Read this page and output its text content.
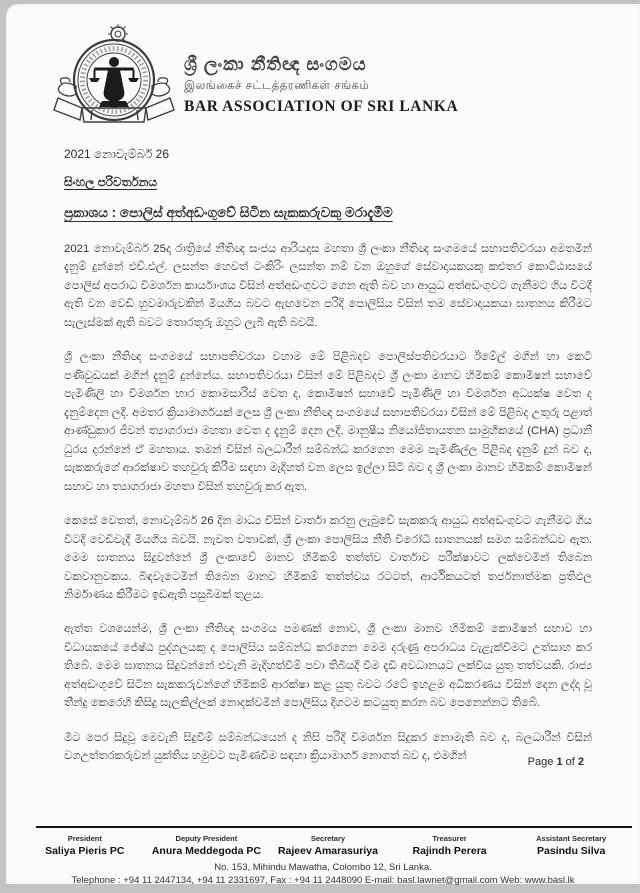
ශ්‍රී ලංකා නීතිඥ සංගමය
இலங்கைச் சட்டத்தரணிகள் சங்கம்
BAR ASSOCIATION OF SRI LANKA
2021 නොවැම්බර් 26
සිංහල පරිවර්තනය
ප්‍රකාශය : පොලිස් අත්අඩංගුවේ සිටින සැකකරුවකු මරාදැමීම

2021 නොවැම්බර් 25දා රාත්‍රියේ නීතිඥ සංජය ආරියදාස මහතා ශ්‍රී ලංකා නීතිඥ සංගමයේ සභාපතිවරයා අමතමින් දැනුම් දුන්නේ එච්.එල්. ලසන්ත හෙවත් ටංකිරිං ලසන්ත නම් වන ඔහුගේ සේවාදායකයකු කළුතර කොට්ඨාසයේ පොලිස් අපරාධ විමර්ශන කාර්යාංශය විසින් අත්අඩංගුවට ගෙන ඇති බව හා ආයුධ අත්අඩංගුවට ගැනීමට ගිය විටදී ඇති වන වෙඩි හුවමාරුවකින් මියගිය බවට ඇඟවෙන පරිදි පොලිසිය විසින් තම සේවාදායකයා ඝාතනය කිරීමට සැලැස්මක් ඇති බවට තොරතුරු ඔහුට ලැබී ඇති බවයි.

ශ්‍රී ලංකා නීතිඥ සංගමයේ සභාපතිවරයා වහාම මේ පිළිබදව පොලිස්පතිවරයාට ඊමේල් මගින් හා කෙටි පණිවුඩයක් මගින් දැනුම් දුන්නේය. සභාපතිවරයා විසින් මේ පිළිබදව ශ්‍රී ලංකා මානව හිමිකම් කොමිෂන් සභාවේ පැමිණිලි හා විමර්ශන භාර කොමසාරිස් වෙත ද, කොමිෂන් සභාවේ පැමිණිලි හා විමර්ශන අධ්‍යක්ෂ වෙත ද දැනුම්දෙන ලදී. අමතර ක්‍රියාමාර්ගයක් ලෙස ශ්‍රී ලංකා නීතිඥ සංගමයේ සභාපතිවරයා විසින් මේ පිළිබද උතුරු පළාත් ආණ්ඩුකාර ජීවන් ත්‍යාගරාජා මහතා වෙත ද දැනුම් දෙන ලදී. මානුෂීය නියෝජිතායතන සාමුහිකයේ (CHA) ප්‍රධානී ධුරය දරන්නේ ඒ මහතාය. තමන් විසින් බලධාරීන් සම්බන්ධ කරගෙන මෙම පැමිණිල්ල පිළිබද දැනුම් දුන් බව ද, සැකකරුගේ ආරක්ෂාව තහවුරු කිරීම සඳහා මැදිහත් වන ලෙස ඉල්ලා සිටි බව ද ශ්‍රී ලංකා මානව හිමිකම් කොමිෂන් සභාව හා ත්‍යාගරාජා මහතා විසින් තහවුරු කර ඇත.

කෙසේ වෙතත්, නොවැම්බර් 26 දින මාධ්‍ය විසින් වාර්තා කරනු ලැබුවේ සැකකරු ආයුධ අත්අඩංගුවට ගැනීමට ගිය විටදී වෙඩිවැදී මියගිය බවයි. නැවත වතාවක්, ශ්‍රී ලංකා පොලිසිය නීති විරෝධී ඝාතනයක් සමග සම්බන්ධව ඇත. මෙම ඝාතනය සිදුවන්නේ ශ්‍රී ලංකාවේ මානව හිමිකම් තත්ත්ව වාර්තාව පරීක්ෂාවට ලක්වෙමින් තිබෙන වකවානුවකය. බිඳවැටෙමින් තිබෙන මානව හිමිකම් තත්ත්වය රටටත්, ආර්ථිකයටත් තර්ජනාත්මක ප්‍රතිඵල නිර්මාණය කිරීමට ඉඩඇති පසුබිමක් තුළය.

ඇත්ත වශයෙන්ම, ශ්‍රී ලංකා නීතිඥ සංගමය පමණක් නොව, ශ්‍රී ලංකා මානව හිමිකම් කොමිෂන් සභාව හා විධායකයේ ජේෂ්ඨ පුද්ගලයකු ද පොලිසිය සම්බන්ධ කරගෙන මෙම දරුණු අපරාධය වැළැක්වීමට උත්සාහ කර තිබේ. මෙම ඝාතනය සිදුවන්නේ එවැනි මැදිහත්වීම් පවා තිබියදී වීම දැඩි අවධානයට ලක්විය යුතු තත්වයකි. රාජ්‍ය අත්අඩංගුවේ සිටින සැකකරුවන්ගේ හිමිකම් ආරක්ෂා කළ යුතු බවට රටේ ඉහළම අධිකරණය විසින් දෙන ලද්දා වූ තීන්දු කෙරෙහි කිසිදු සැලකිල්ලක් නොදක්වමින් පොලිසිය දිගටම කටයුතු කරන බව පෙනෙන්නට තිබේ.

මීට පෙර සිදුවූ මෙවැනි සිදුවීම් සම්බන්ධයෙන් ද නිසි පරිදි විමර්ශන සිදුකර නොමැති බව ද, බලධාරීන් විසින් වගඋත්තරකරුවන් යුක්තිය හමුවට පැමිණවීම සඳහා ක්‍රියාමාර්ග නොගත් බව ද, එමගින්	Page 1 of 2
President
Saliya Pieris PC
Deputy President
Anura Meddegoda PC
Secretary
Rajeev Amarasuriya
Treasurer
Rajindh Perera
Assistant Secretary
Pasindu Silva
No. 153, Mihindu Mawatha, Colombo 12, Sri Lanka.
Telephone : +94 11 2447134, +94 11 2331697, Fax : +94 11 2448090 E-mail: basl.lawnet@gmail.com Web: www.basl.lk
